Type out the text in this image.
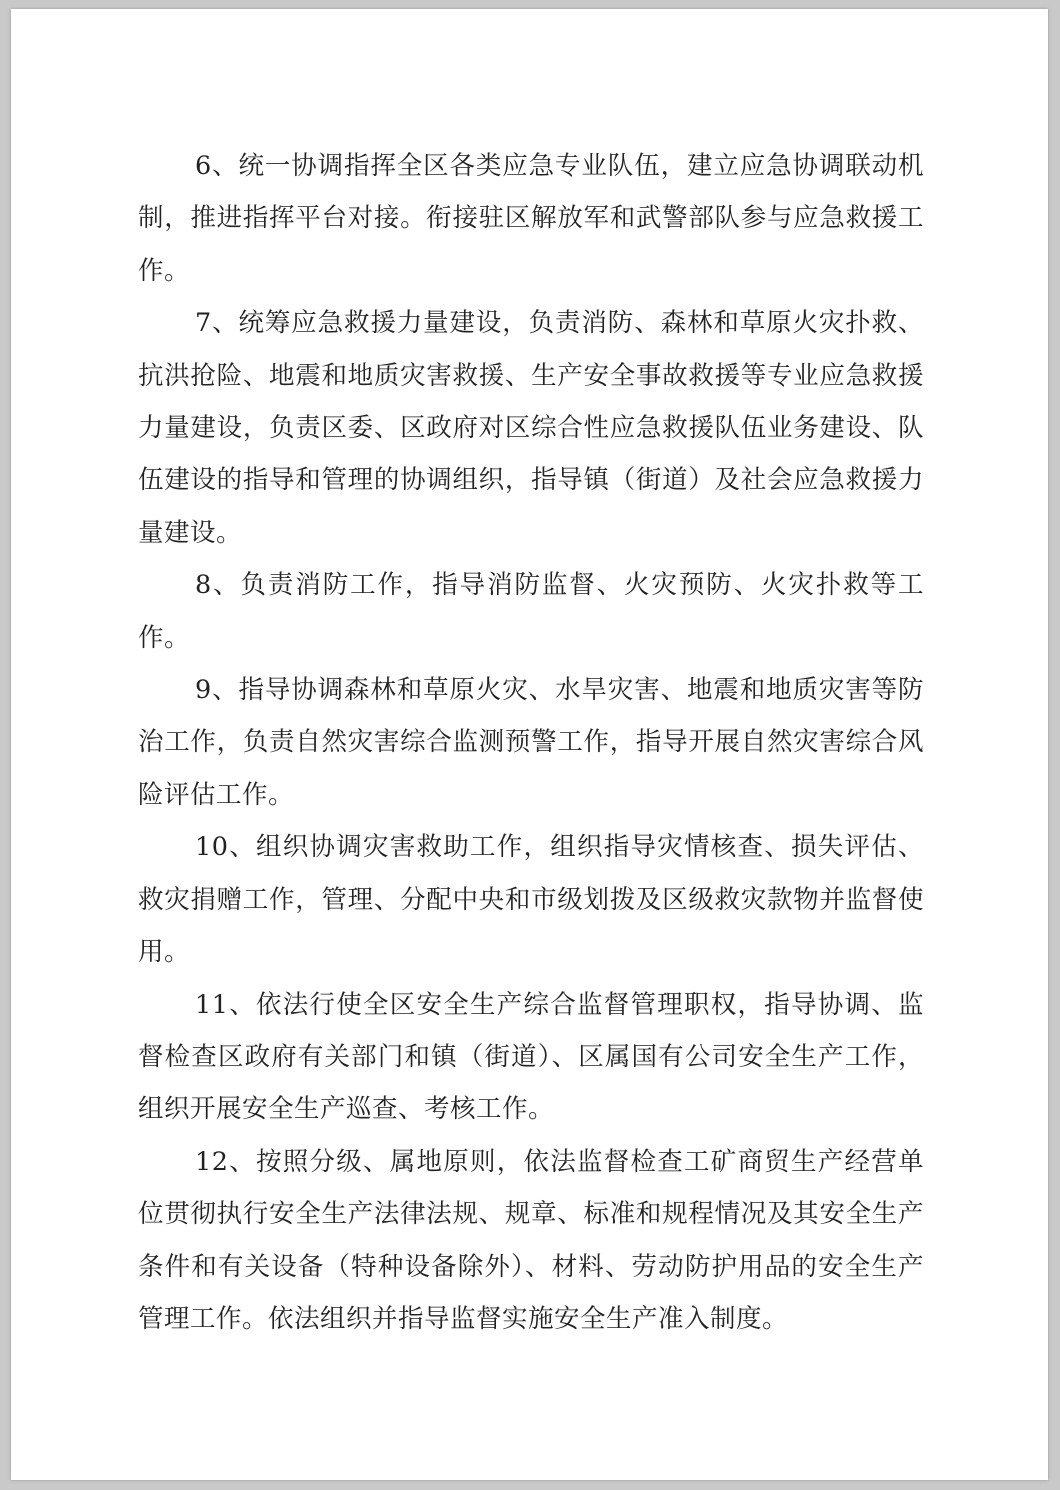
6、统一协调指挥全区各类应急专业队伍，建立应急协调联动机制，推进指挥平台对接。衔接驻区解放军和武警部队参与应急救援工作。

7、统筹应急救援力量建设，负责消防、森林和草原火灾扑救、抗洪抢险、地震和地质灾害救援、生产安全事故救援等专业应急救援力量建设，负责区委、区政府对区综合性应急救援队伍业务建设、队伍建设的指导和管理的协调组织，指导镇（街道）及社会应急救援力量建设。

8、负责消防工作，指导消防监督、火灾预防、火灾扑救等工作。

9、指导协调森林和草原火灾、水旱灾害、地震和地质灾害等防治工作，负责自然灾害综合监测预警工作，指导开展自然灾害综合风险评估工作。

10、组织协调灾害救助工作，组织指导灾情核查、损失评估、救灾捐赠工作，管理、分配中央和市级划拨及区级救灾款物并监督使用。

11、依法行使全区安全生产综合监督管理职权，指导协调、监督检查区政府有关部门和镇（街道）、区属国有公司安全生产工作，组织开展安全生产巡查、考核工作。

12、按照分级、属地原则，依法监督检查工矿商贸生产经营单位贯彻执行安全生产法律法规、规章、标准和规程情况及其安全生产条件和有关设备（特种设备除外）、材料、劳动防护用品的安全生产管理工作。依法组织并指导监督实施安全生产准入制度。
